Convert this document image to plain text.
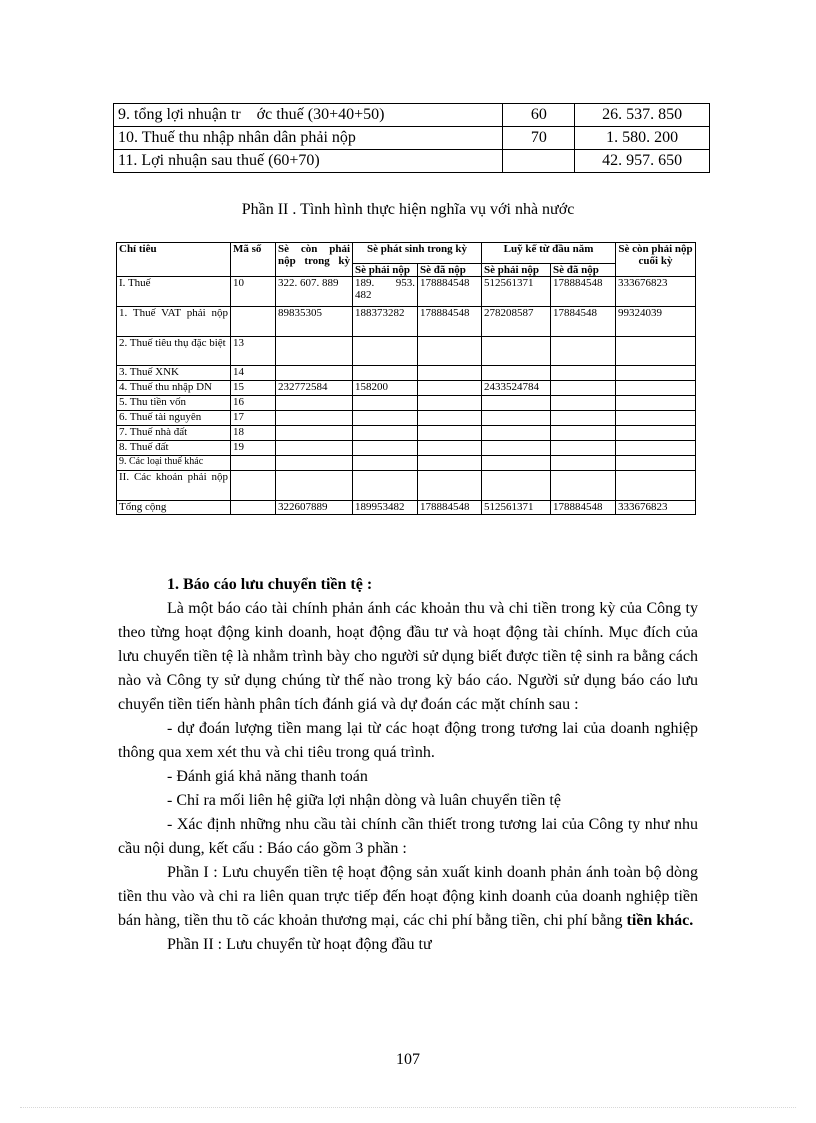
9. tổng lợi nhuận tr    ớc thuế (30+40+50)	60	26. 537. 850
10. Thuế thu nhập nhân dân phải nộp	70	1. 580. 200
11. Lợi nhuận sau thuế (60+70)		42. 957. 650
Phần II . Tình hình thực hiện nghĩa vụ với nhà nước
Chỉ tiêu	Mã số	Sè còn phải nộp trong kỳ	Sè phát sinh trong kỳ		Luỹ kế từ đầu năm		Sè còn phải nộp cuối kỳ
			Sè phải nộp	Sè đã nộp	Sè phải nộp	Sè đã nộp	
I. Thuế	10	322. 607. 889	189. 953. 482	178884548	512561371	178884548	333676823
1. Thuế VAT phải nộp		89835305	188373282	178884548	278208587	17884548	99324039
2. Thuế tiêu thụ đặc biệt	13						
3. Thuế XNK	14						
4. Thuế thu nhập DN	15	232772584	158200		2433524784		
5. Thu tiền vốn	16						
6. Thuế tài nguyên	17						
7. Thuế nhà đất	18						
8. Thuế đất	19						
9. Các loại thuế khác							
II. Các khoản phải nộp							
Tổng cộng		322607889	189953482	178884548	512561371	178884548	333676823

1. Báo cáo lưu chuyển tiền tệ :

Là một báo cáo tài chính phản ánh các khoản thu và chi tiền trong kỳ của Công ty theo từng hoạt động kinh doanh, hoạt động đầu tư và hoạt động tài chính. Mục đích của lưu chuyển tiền tệ là nhằm trình bày cho người sử dụng biết được tiền tệ sinh ra bằng cách nào và Công ty sử dụng chúng từ thế nào trong kỳ báo cáo. Người sử dụng báo cáo lưu chuyển tiền tiến hành phân tích đánh giá và dự đoán các mặt chính sau :

- dự đoán lượng tiền mang lại từ các hoạt động trong tương lai của doanh nghiệp thông qua xem xét thu và chi tiêu trong quá trình.

- Đánh giá khả năng thanh toán

- Chỉ ra mối liên hệ giữa lợi nhận dòng và luân chuyển tiền tệ

- Xác định những nhu cầu tài chính cần thiết trong tương lai của Công ty như nhu cầu nội dung, kết cấu : Báo cáo gồm 3 phần :

Phần I : Lưu chuyển tiền tệ hoạt động sản xuất kinh doanh phản ánh toàn bộ dòng tiền thu vào và chi ra liên quan trực tiếp đến hoạt động kinh doanh của doanh nghiệp tiền bán hàng, tiền thu tõ các khoản thương mại, các chi phí bằng tiền, chi phí bằng tiền khác.

Phần II : Lưu chuyển từ hoạt động đầu tư

107
